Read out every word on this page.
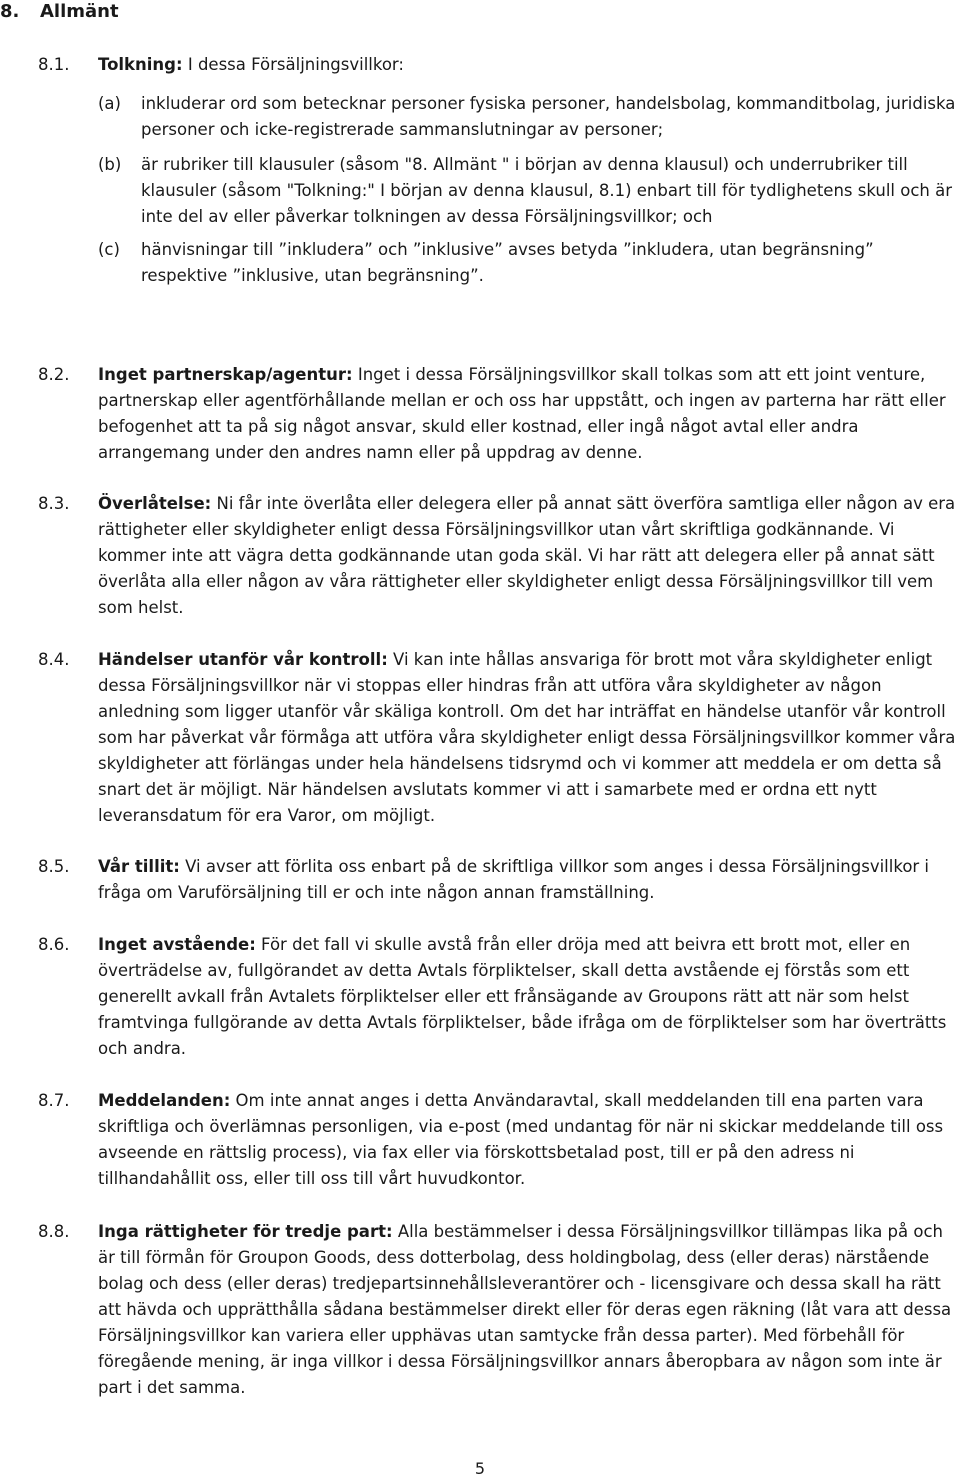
8. Allmänt
8.1.	Tolkning: I dessa Försäljningsvillkor:
(a)	inkluderar ord som betecknar personer fysiska personer, handelsbolag, kommanditbolag, juridiska personer och icke-registrerade sammanslutningar av personer;
(b)	är rubriker till klausuler (såsom "8. Allmänt " i början av denna klausul) och underrubriker till klausuler (såsom "Tolkning:" I början av denna klausul, 8.1) enbart till för tydlighetens skull och är inte del av eller påverkar tolkningen av dessa Försäljningsvillkor; och
(c)	hänvisningar till ”inkludera” och ”inklusive” avses betyda ”inkludera, utan begränsning” respektive ”inklusive, utan begränsning”.
8.2.	Inget partnerskap/agentur: Inget i dessa Försäljningsvillkor skall tolkas som att ett joint venture, partnerskap eller agentförhållande mellan er och oss har uppstått, och ingen av parterna har rätt eller befogenhet att ta på sig något ansvar, skuld eller kostnad, eller ingå något avtal eller andra arrangemang under den andres namn eller på uppdrag av denne.
8.3.	Överlåtelse: Ni får inte överlåta eller delegera eller på annat sätt överföra samtliga eller någon av era rättigheter eller skyldigheter enligt dessa Försäljningsvillkor utan vårt skriftliga godkännande. Vi kommer inte att vägra detta godkännande utan goda skäl. Vi har rätt att delegera eller på annat sätt överlåta alla eller någon av våra rättigheter eller skyldigheter enligt dessa Försäljningsvillkor till vem som helst.
8.4.	Händelser utanför vår kontroll: Vi kan inte hållas ansvariga för brott mot våra skyldigheter enligt dessa Försäljningsvillkor när vi stoppas eller hindras från att utföra våra skyldigheter av någon anledning som ligger utanför vår skäliga kontroll. Om det har inträffat en händelse utanför vår kontroll som har påverkat vår förmåga att utföra våra skyldigheter enligt dessa Försäljningsvillkor kommer våra skyldigheter att förlängas under hela händelsens tidsrymd och vi kommer att meddela er om detta så snart det är möjligt. När händelsen avslutats kommer vi att i samarbete med er ordna ett nytt leveransdatum för era Varor, om möjligt.
8.5.	Vår tillit: Vi avser att förlita oss enbart på de skriftliga villkor som anges i dessa Försäljningsvillkor i fråga om Varuförsäljning till er och inte någon annan framställning.
8.6.	Inget avstående: För det fall vi skulle avstå från eller dröja med att beivra ett brott mot, eller en överträdelse av, fullgörandet av detta Avtals förpliktelser, skall detta avstående ej förstås som ett generellt avkall från Avtalets förpliktelser eller ett frånsägande av Groupons rätt att när som helst framtvinga fullgörande av detta Avtals förpliktelser, både ifråga om de förpliktelser som har överträtts och andra.
8.7.	Meddelanden: Om inte annat anges i detta Användaravtal, skall meddelanden till ena parten vara skriftliga och överlämnas personligen, via e-post (med undantag för när ni skickar meddelande till oss avseende en rättslig process), via fax eller via förskottsbetalad post, till er på den adress ni tillhandahållit oss, eller till oss till vårt huvudkontor.
8.8.	Inga rättigheter för tredje part: Alla bestämmelser i dessa Försäljningsvillkor tillämpas lika på och är till förmån för Groupon Goods, dess dotterbolag, dess holdingbolag, dess (eller deras) närstående bolag och dess (eller deras) tredjepartsinnehållsleverantörer och - licensgivare och dessa skall ha rätt att hävda och upprätthålla sådana bestämmelser direkt eller för deras egen räkning (låt vara att dessa Försäljningsvillkor kan variera eller upphävas utan samtycke från dessa parter). Med förbehåll för föregående mening, är inga villkor i dessa Försäljningsvillkor annars åberopbara av någon som inte är part i det samma.
5
